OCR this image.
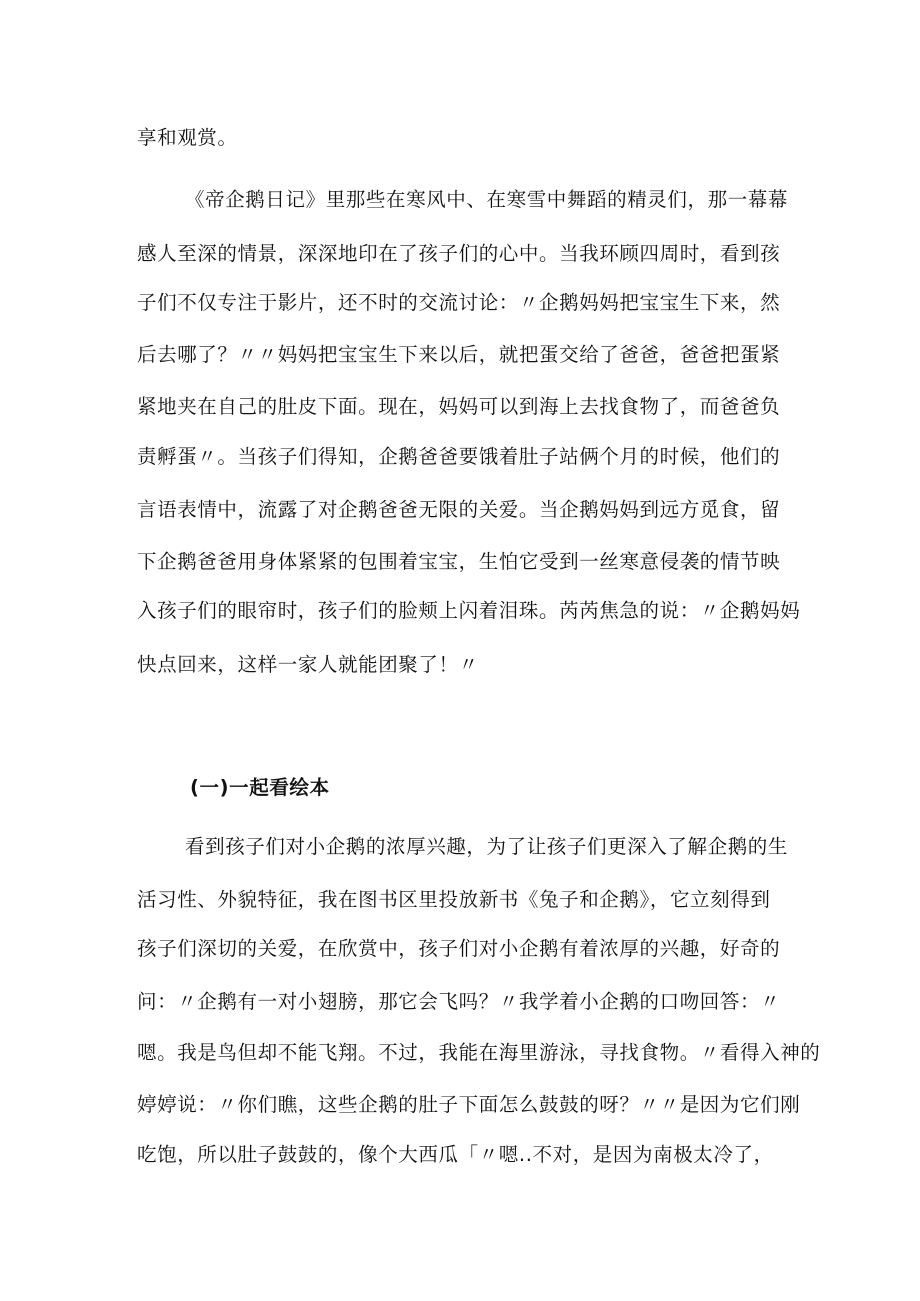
享和观赏。
《帝企鹅日记》里那些在寒风中、在寒雪中舞蹈的精灵们，那一幕幕
感人至深的情景，深深地印在了孩子们的心中。当我环顾四周时，看到孩
子们不仅专注于影片，还不时的交流讨论：〃企鹅妈妈把宝宝生下来，然
后去哪了？〃〃妈妈把宝宝生下来以后，就把蛋交给了爸爸，爸爸把蛋紧
紧地夹在自己的肚皮下面。现在，妈妈可以到海上去找食物了，而爸爸负
责孵蛋〃。当孩子们得知，企鹅爸爸要饿着肚子站俩个月的时候，他们的
言语表情中，流露了对企鹅爸爸无限的关爱。当企鹅妈妈到远方觅食，留
下企鹅爸爸用身体紧紧的包围着宝宝，生怕它受到一丝寒意侵袭的情节映
入孩子们的眼帘时，孩子们的脸颊上闪着泪珠。芮芮焦急的说：〃企鹅妈妈
快点回来，这样一家人就能团聚了！〃
(一)一起看绘本
看到孩子们对小企鹅的浓厚兴趣，为了让孩子们更深入了解企鹅的生
活习性、外貌特征，我在图书区里投放新书《兔子和企鹅》，它立刻得到
孩子们深切的关爱，在欣赏中，孩子们对小企鹅有着浓厚的兴趣，好奇的
问：〃企鹅有一对小翅膀，那它会飞吗？〃我学着小企鹅的口吻回答：〃
嗯。我是鸟但却不能飞翔。不过，我能在海里游泳，寻找食物。〃看得入神的
婷婷说：〃你们瞧，这些企鹅的肚子下面怎么鼓鼓的呀？〃〃是因为它们刚
吃饱，所以肚子鼓鼓的，像个大西瓜「〃嗯..不对，是因为南极太冷了，
